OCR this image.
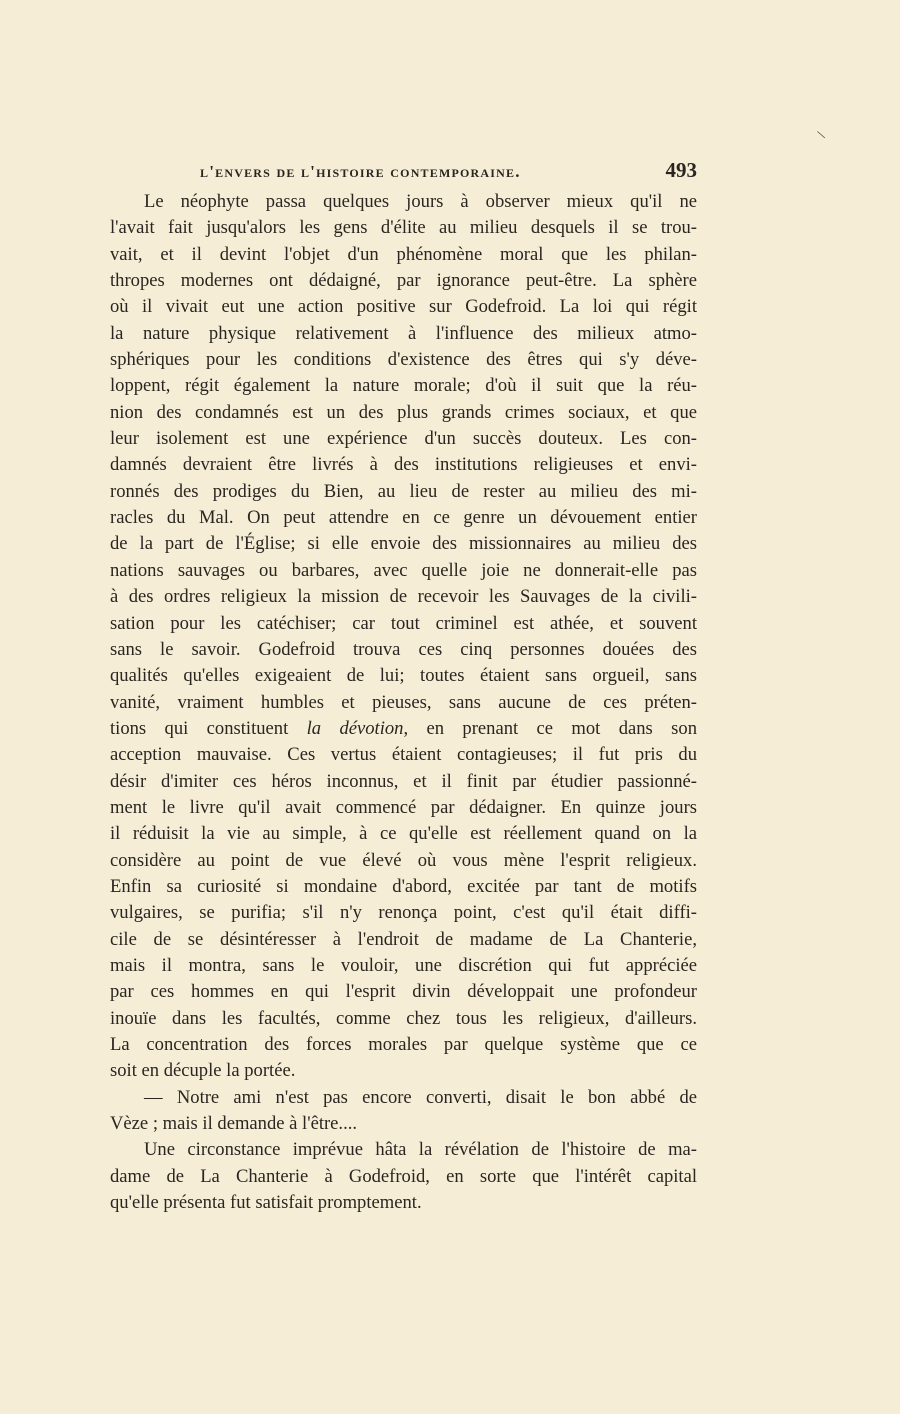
\
l'envers de l'histoire contemporaine.	493
Le néophyte passa quelques jours à observer mieux qu'il ne
l'avait fait jusqu'alors les gens d'élite au milieu desquels il se trou-
vait, et il devint l'objet d'un phénomène moral que les philan-
thropes modernes ont dédaigné, par ignorance peut-être. La sphère
où il vivait eut une action positive sur Godefroid. La loi qui régit
la nature physique relativement à l'influence des milieux atmo-
sphériques pour les conditions d'existence des êtres qui s'y déve-
loppent, régit également la nature morale; d'où il suit que la réu-
nion des condamnés est un des plus grands crimes sociaux, et que
leur isolement est une expérience d'un succès douteux. Les con-
damnés devraient être livrés à des institutions religieuses et envi-
ronnés des prodiges du Bien, au lieu de rester au milieu des mi-
racles du Mal. On peut attendre en ce genre un dévouement entier
de la part de l'Église; si elle envoie des missionnaires au milieu des
nations sauvages ou barbares, avec quelle joie ne donnerait-elle pas
à des ordres religieux la mission de recevoir les Sauvages de la civili-
sation pour les catéchiser; car tout criminel est athée, et souvent
sans le savoir. Godefroid trouva ces cinq personnes douées des
qualités qu'elles exigeaient de lui; toutes étaient sans orgueil, sans
vanité, vraiment humbles et pieuses, sans aucune de ces préten-
tions qui constituent la dévotion, en prenant ce mot dans son
acception mauvaise. Ces vertus étaient contagieuses; il fut pris du
désir d'imiter ces héros inconnus, et il finit par étudier passionné-
ment le livre qu'il avait commencé par dédaigner. En quinze jours
il réduisit la vie au simple, à ce qu'elle est réellement quand on la
considère au point de vue élevé où vous mène l'esprit religieux.
Enfin sa curiosité si mondaine d'abord, excitée par tant de motifs
vulgaires, se purifia; s'il n'y renonça point, c'est qu'il était diffi-
cile de se désintéresser à l'endroit de madame de La Chanterie,
mais il montra, sans le vouloir, une discrétion qui fut appréciée
par ces hommes en qui l'esprit divin développait une profondeur
inouïe dans les facultés, comme chez tous les religieux, d'ailleurs.
La concentration des forces morales par quelque système que ce
soit en décuple la portée.
— Notre ami n'est pas encore converti, disait le bon abbé de
Vèze ; mais il demande à l'être....
Une circonstance imprévue hâta la révélation de l'histoire de ma-
dame de La Chanterie à Godefroid, en sorte que l'intérêt capital
qu'elle présenta fut satisfait promptement.
